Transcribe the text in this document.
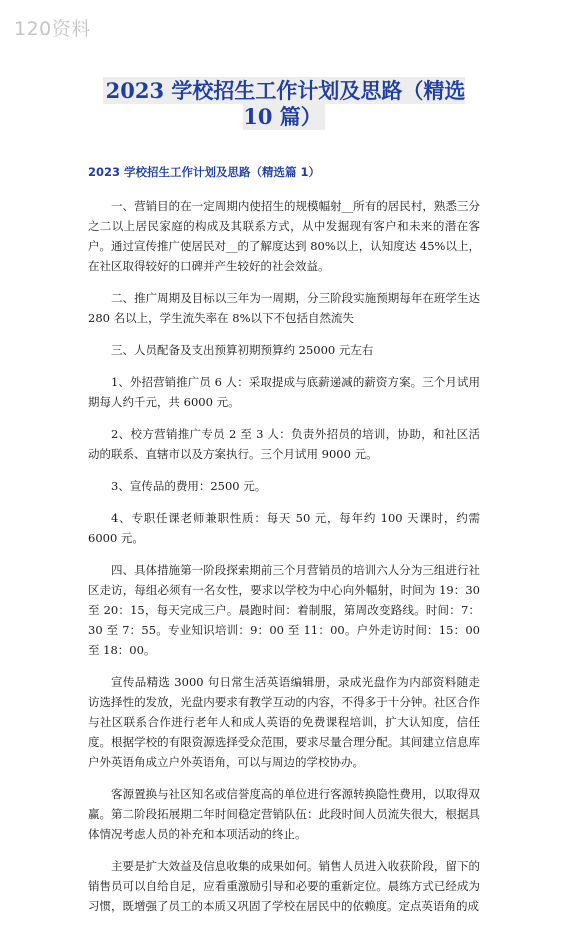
120资料
2023 学校招生工作计划及思路（精选 10 篇）
2023 学校招生工作计划及思路（精选篇 1）

一、营销目的在一定周期内使招生的规模幅射__所有的居民村，熟悉三分之二以上居民家庭的构成及其联系方式，从中发掘现有客户和未来的潜在客户。通过宣传推广使居民对__的了解度达到 80%以上，认知度达 45%以上，在社区取得较好的口碑并产生较好的社会效益。

二、推广周期及目标以三年为一周期，分三阶段实施预期每年在班学生达 280 名以上，学生流失率在 8%以下不包括自然流失

三、人员配备及支出预算初期预算约 25000 元左右

1、外招营销推广员 6 人：采取提成与底薪递减的薪资方案。三个月试用期每人约千元，共 6000 元。

2、校方营销推广专员 2 至 3 人：负责外招员的培训，协助，和社区活动的联系、直辖市以及方案执行。三个月试用 9000 元。

3、宣传品的费用：2500 元。

4、专职任课老师兼职性质：每天 50 元，每年约 100 天课时，约需 6000 元。

四、具体措施第一阶段探索期前三个月营销员的培训六人分为三组进行社区走访，每组必须有一名女性，要求以学校为中心向外幅射，时间为 19：30 至 20：15，每天完成三户。晨跑时间：着制服，第周改变路线。时间：7：30 至 7：55。专业知识培训：9：00 至 11：00。户外走访时间：15：00 至 18：00。

宣传品精选 3000 句日常生活英语编辑册，录成光盘作为内部资料随走访选择性的发放，光盘内要求有教学互动的内容，不得多于十分钟。社区合作与社区联系合作进行老年人和成人英语的免费课程培训，扩大认知度，信任度。根据学校的有限资源选择受众范围，要求尽量合理分配。其间建立信息库户外英语角成立户外英语角，可以与周边的学校协办。

客源置换与社区知名或信誉度高的单位进行客源转换隐性费用，以取得双赢。第二阶段拓展期二年时间稳定营销队伍：此段时间人员流失很大，根据具体情况考虑人员的补充和本项活动的终止。

主要是扩大效益及信息收集的成果如何。销售人员进入收获阶段，留下的销售员可以自给自足，应看重激励引导和必要的重新定位。晨练方式已经成为习惯，既增强了员工的本质又巩固了学校在居民中的依赖度。定点英语角的成
